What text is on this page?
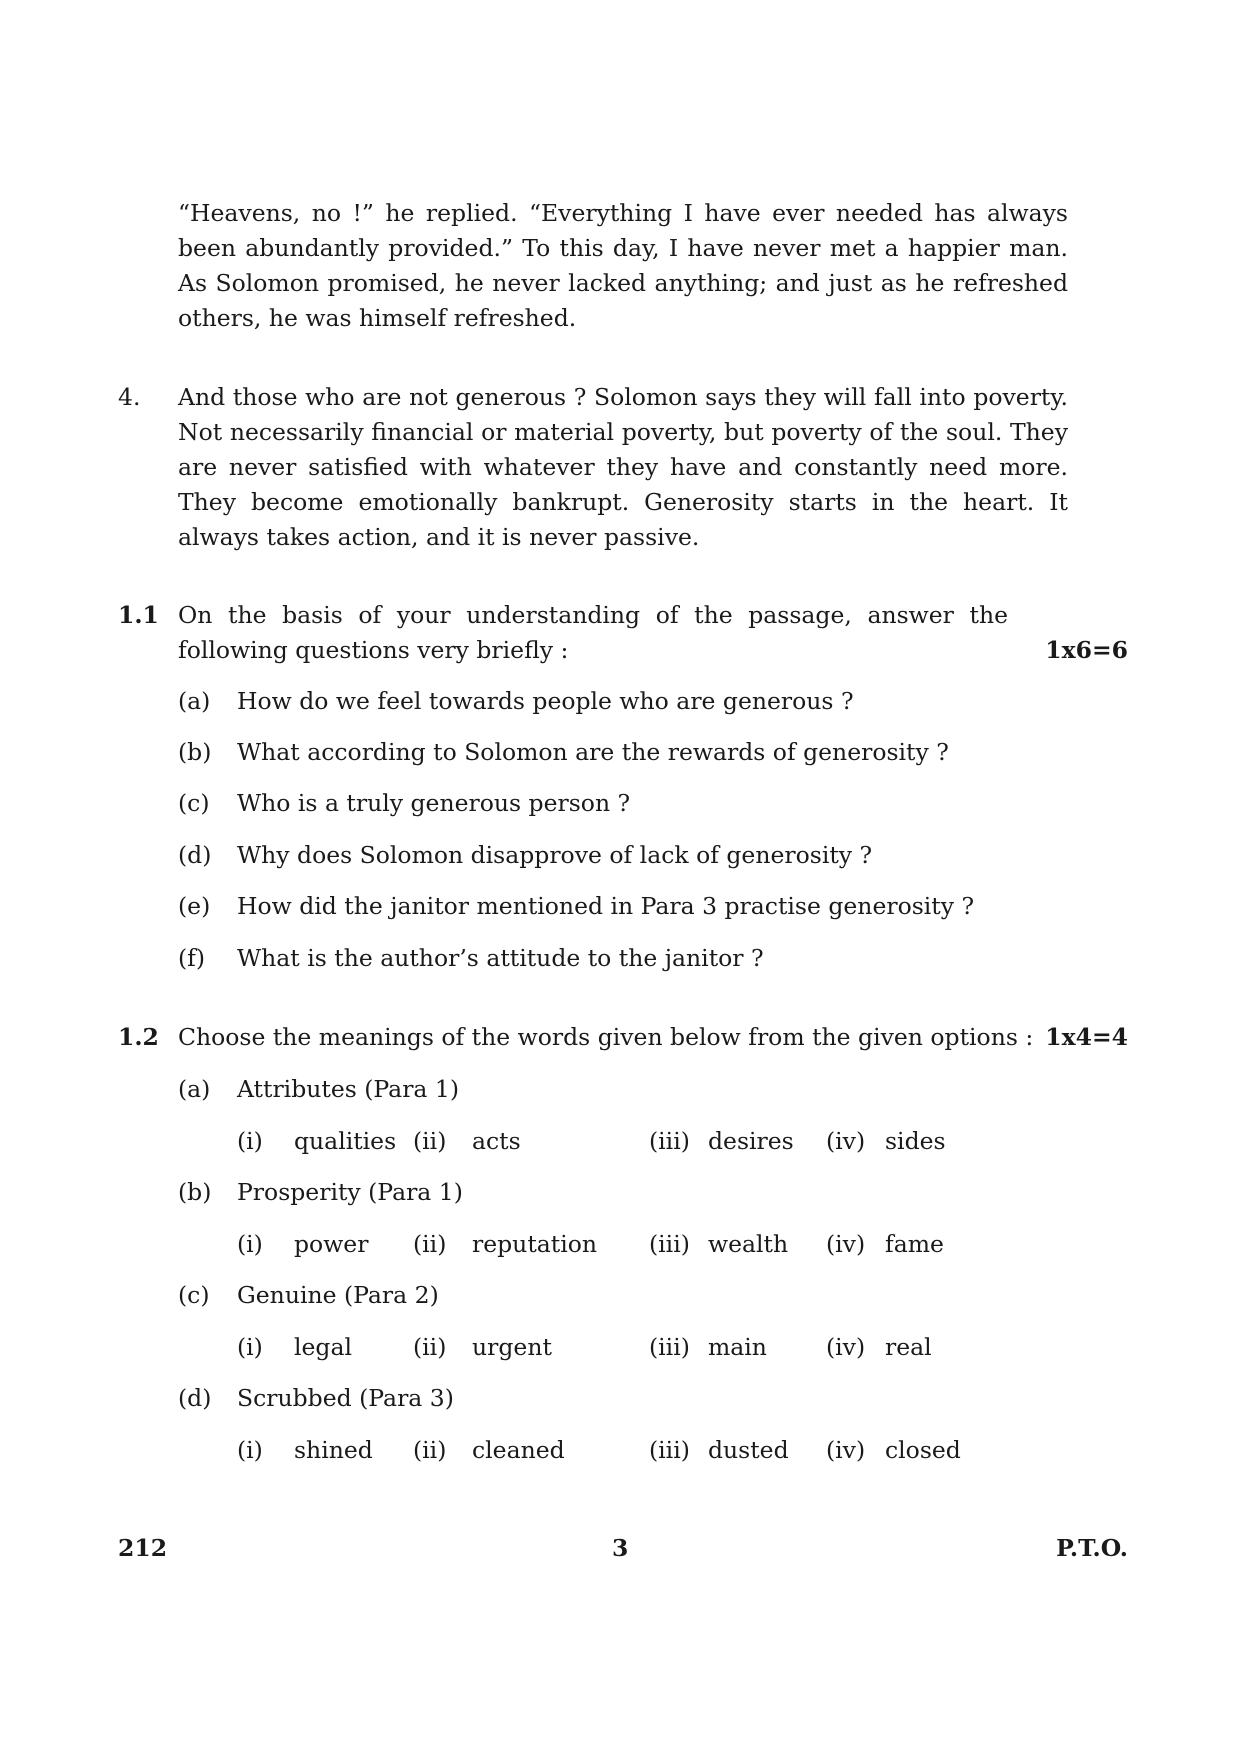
“Heavens, no !” he replied. “Everything I have ever needed has always been abundantly provided.” To this day, I have never met a happier man. As Solomon promised, he never lacked anything; and just as he refreshed others, he was himself refreshed.
4. And those who are not generous ? Solomon says they will fall into poverty. Not necessarily financial or material poverty, but poverty of the soul. They are never satisfied with whatever they have and constantly need more. They become emotionally bankrupt. Generosity starts in the heart. It always takes action, and it is never passive.
1.1 On the basis of your understanding of the passage, answer the following questions very briefly :	1x6=6
(a) How do we feel towards people who are generous ?
(b) What according to Solomon are the rewards of generosity ?
(c) Who is a truly generous person ?
(d) Why does Solomon disapprove of lack of generosity ?
(e) How did the janitor mentioned in Para 3 practise generosity ?
(f) What is the author’s attitude to the janitor ?
1.2 Choose the meanings of the words given below from the given options : 1x4=4
(a) Attributes (Para 1)
(i) qualities (ii) acts	(iii) desires (iv) sides
(b) Prosperity (Para 1)
(i) power (ii) reputation (iii) wealth (iv) fame
(c) Genuine (Para 2)
(i) legal	(ii) urgent	(iii) main	(iv) real
(d) Scrubbed (Para 3)
(i) shined (ii) cleaned	(iii) dusted (iv) closed
212	3	P.T.O.
